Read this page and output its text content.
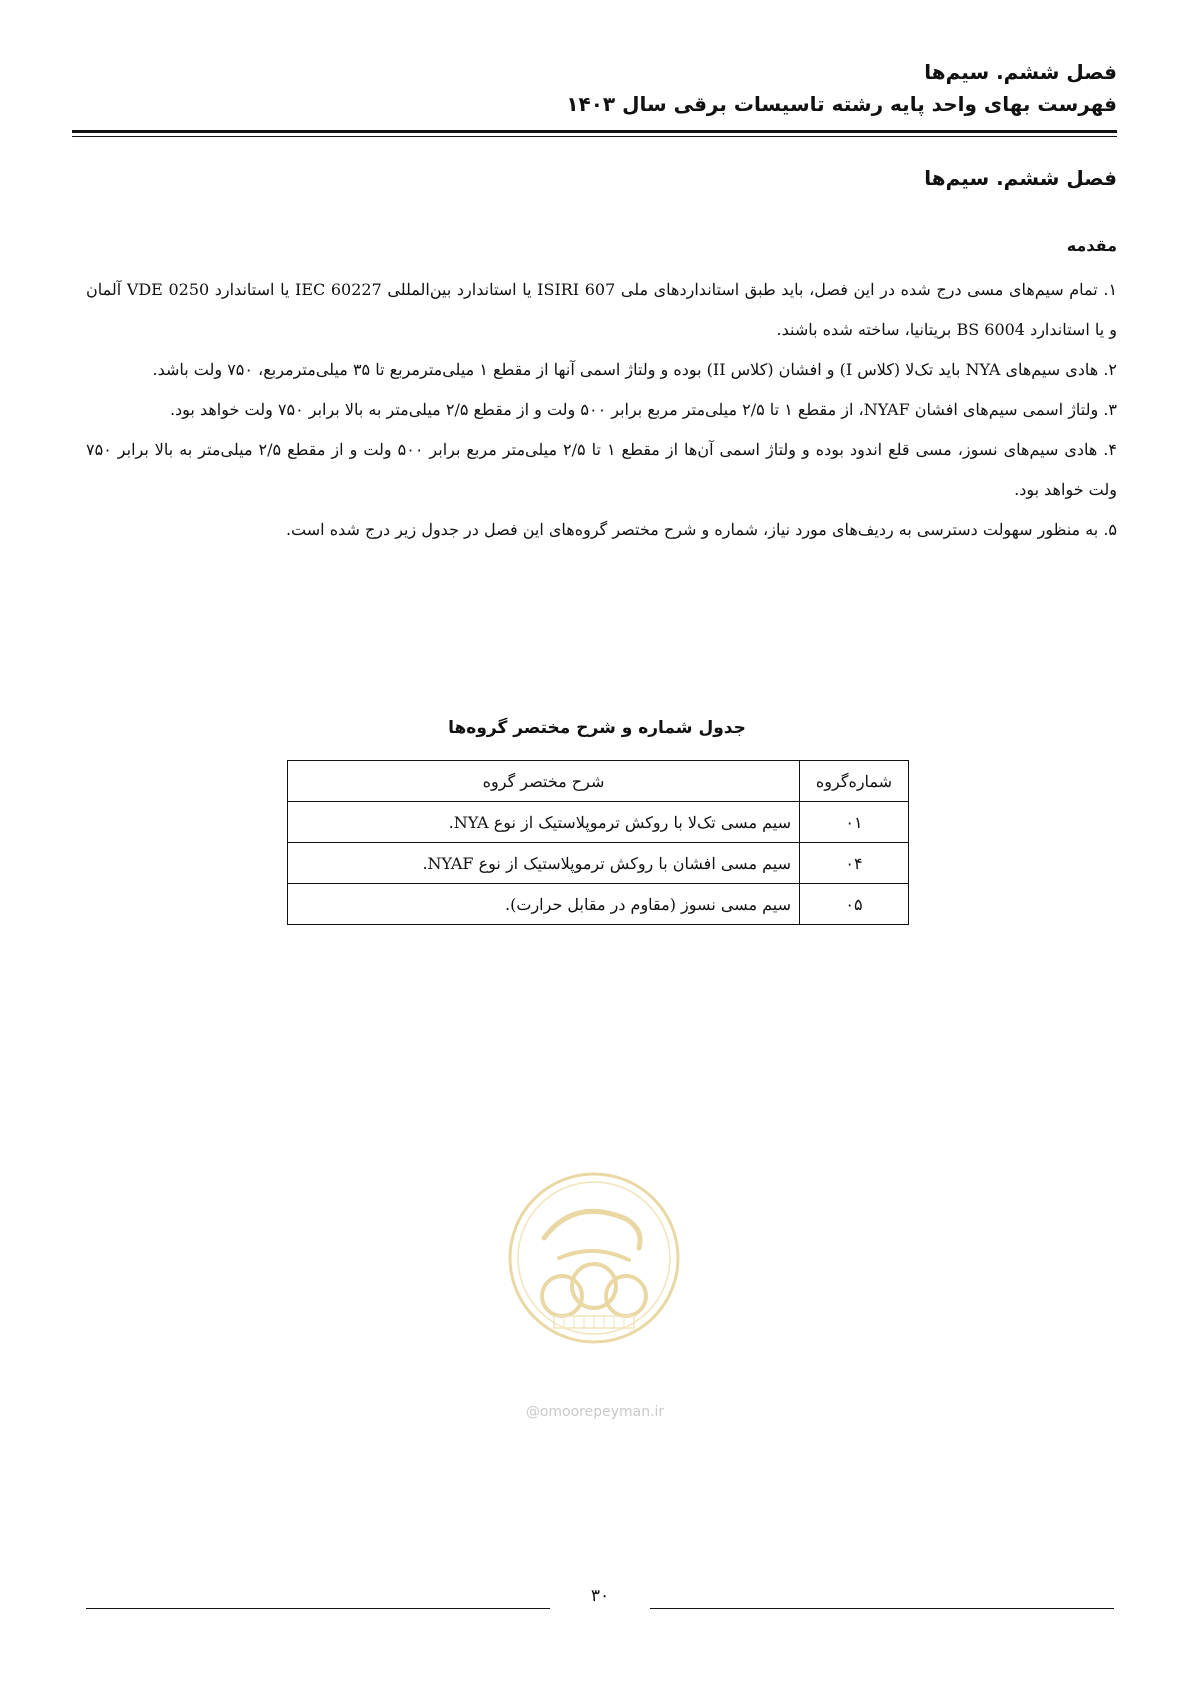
فصل ششم. سیم‌ها
فهرست بهای واحد پایه رشته تاسیسات برقی سال ۱۴۰۳
فصل ششم. سیم‌ها
مقدمه

۱. تمام سیم‌های مسی درج شده در این فصل، باید طبق استانداردهای ملی ISIRI 607 یا استاندارد بین‌المللی IEC 60227 یا استاندارد VDE 0250 آلمان و یا استاندارد BS 6004 بریتانیا، ساخته شده باشند.

۲. هادی سیم‌های NYA باید تک‌لا (کلاس I) و افشان (کلاس II) بوده و ولتاژ اسمی آنها از مقطع ۱ میلی‌مترمربع تا ۳۵ میلی‌مترمربع، ۷۵۰ ولت باشد.

۳. ولتاژ اسمی سیم‌های افشان NYAF، از مقطع ۱ تا ۲/۵ میلی‌متر مربع برابر ۵۰۰ ولت و از مقطع ۲/۵ میلی‌متر به بالا برابر ۷۵۰ ولت خواهد بود.

۴. هادی سیم‌های نسوز، مسی قلع اندود بوده و ولتاژ اسمی آن‌ها از مقطع ۱ تا ۲/۵ میلی‌متر مربع برابر ۵۰۰ ولت و از مقطع ۲/۵ میلی‌متر به بالا برابر ۷۵۰ ولت خواهد بود.

۵. به منظور سهولت دسترسی به ردیف‌های مورد نیاز، شماره و شرح مختصر گروه‌های این فصل در جدول زیر درج شده است.

جدول شماره و شرح مختصر گروه‌ها
شماره‌گروه	شرح مختصر گروه
۰۱	سیم مسی تک‌لا با روکش ترموپلاستیک از نوع NYA.
۰۴	سیم مسی افشان با روکش ترموپلاستیک از نوع NYAF.
۰۵	سیم مسی نسوز (مقاوم در مقابل حرارت).
@omoorepeyman.ir
۳۰
